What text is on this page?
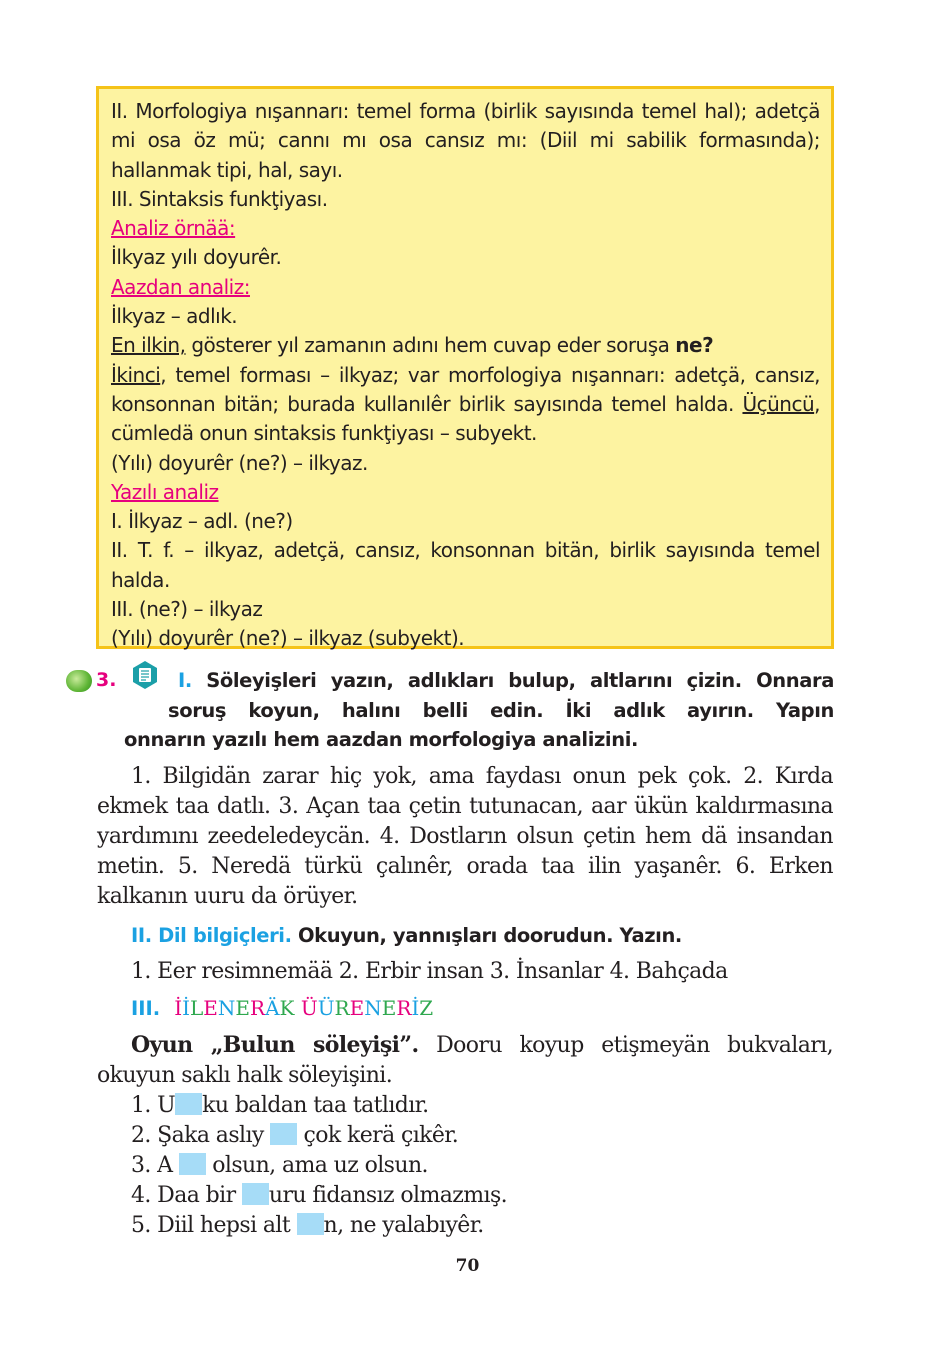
II. Morfologiya nışannarı: temel forma (birlik sayısında temel hal); adetçä mi osa öz mü; cannı mı osa cansız mı: (Diil mi sabilik formasında); hallanmak tipi, hal, sayı.

III. Sintaksis funkţiyası.

Analiz örnää:

İlkyaz yılı doyurêr.

Aazdan analiz:

İlkyaz – adlık.

En ilkin, gösterer yıl zamanın adını hem cuvap eder soruşa ne?

İkinci, temel forması – ilkyaz; var morfologiya nışannarı: adetçä, cansız, konsonnan bitän; burada kullanılêr birlik sayısında temel halda. Üçüncü, cümledä onun sintaksis funkţiyası – subyekt.

(Yılı) doyurêr (ne?) – ilkyaz.

Yazılı analiz

I. İlkyaz – adl. (ne?)

II. T. f. – ilkyaz, adetçä, cansız, konsonnan bitän, birlik sayısında temel halda.

III. (ne?) – ilkyaz

(Yılı) doyurêr (ne?) – ilkyaz (subyekt).

3.	I. Söleyişleri yazın, adlıkları bulup, altlarını çizin. Onnara
soruş koyun, halını belli edin. İki adlık ayırın. Yapın
onnarın yazılı hem aazdan morfologiya analizini.

1. Bilgidän zarar hiç yok, ama faydası onun pek çok. 2. Kırda ekmek taa datlı. 3. Açan taa çetin tutunacan, aar ükün kaldırmasına yardımını zeedeledeycän. 4. Dostların olsun çetin hem dä insandan metin. 5. Neredä türkü çalınêr, orada taa ilin yaşanêr. 6. Erken kalkanın uuru da örüyer.

II. Dil bilgiçleri. Okuyun, yannışları doorudun. Yazın.
1. Eer resimnemää 2. Erbir insan 3. İnsanlar 4. Bahçada
III. İİLENERÄK ÜÜRENERİZ

Oyun „Bulun söleyişi”. Dooru koyup etişmeyän bukvaları, okuyun saklı halk söleyişini.

1. U ku baldan taa tatlıdır.

2. Şaka aslıy  çok kerä çıkêr.

3. A  olsun, ama uz olsun.

4. Daa bir uru fidansız olmazmış.

5. Diil hepsi alt n, ne yalabıyêr.

70
